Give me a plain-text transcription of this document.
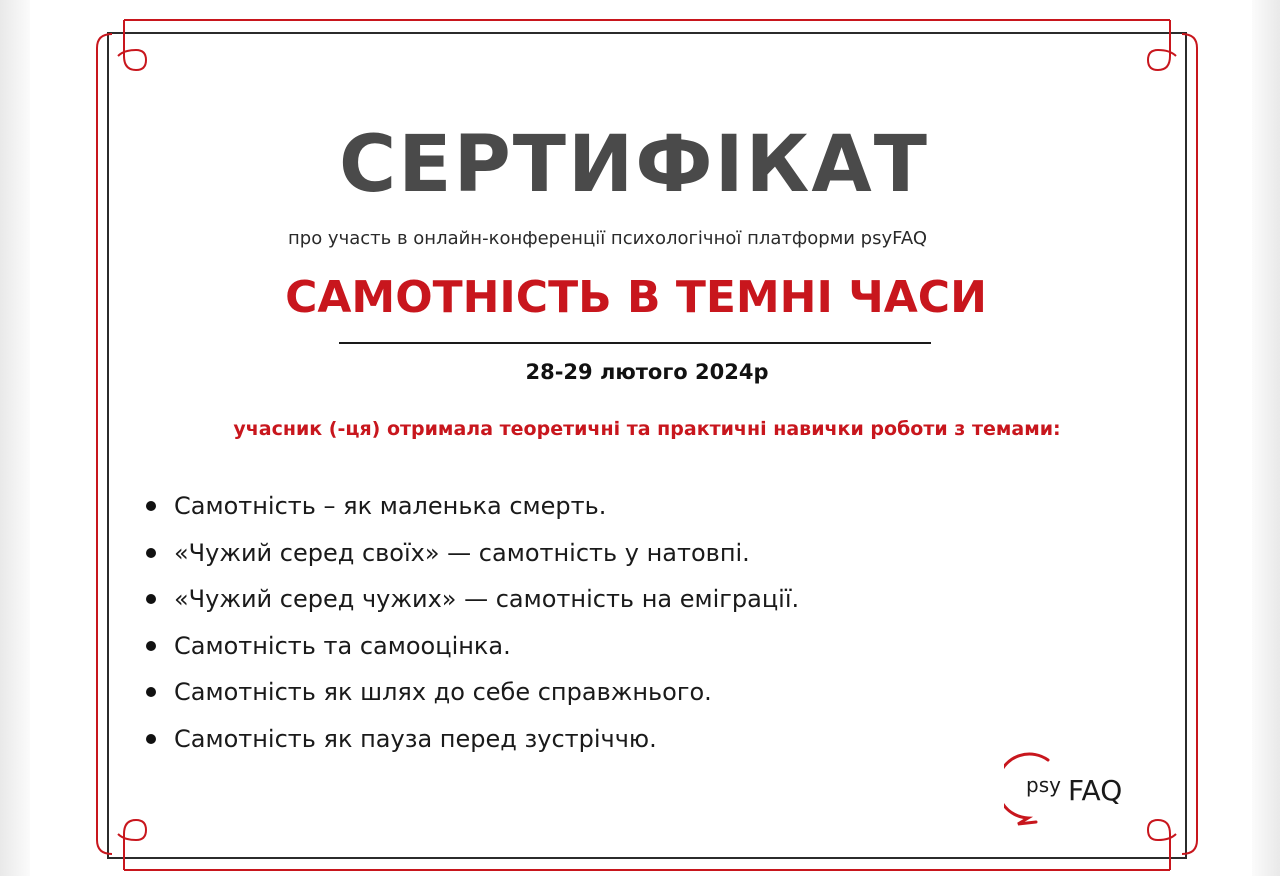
СЕРТИФІКАТ
про участь в онлайн-конференції психологічної платформи psyFAQ
САМОТНІСТЬ В ТЕМНІ ЧАСИ
28-29 лютого 2024р
учасник (-ця) отримала теоретичні та практичні навички роботи з темами:
Самотність – як маленька смерть.
«Чужий серед своїх» — самотність у натовпі.
«Чужий серед чужих» — самотність на еміграції.
Самотність та самооцінка.
Самотність як шлях до себе справжнього.
Самотність як пауза перед зустріччю.
psy FAQ
